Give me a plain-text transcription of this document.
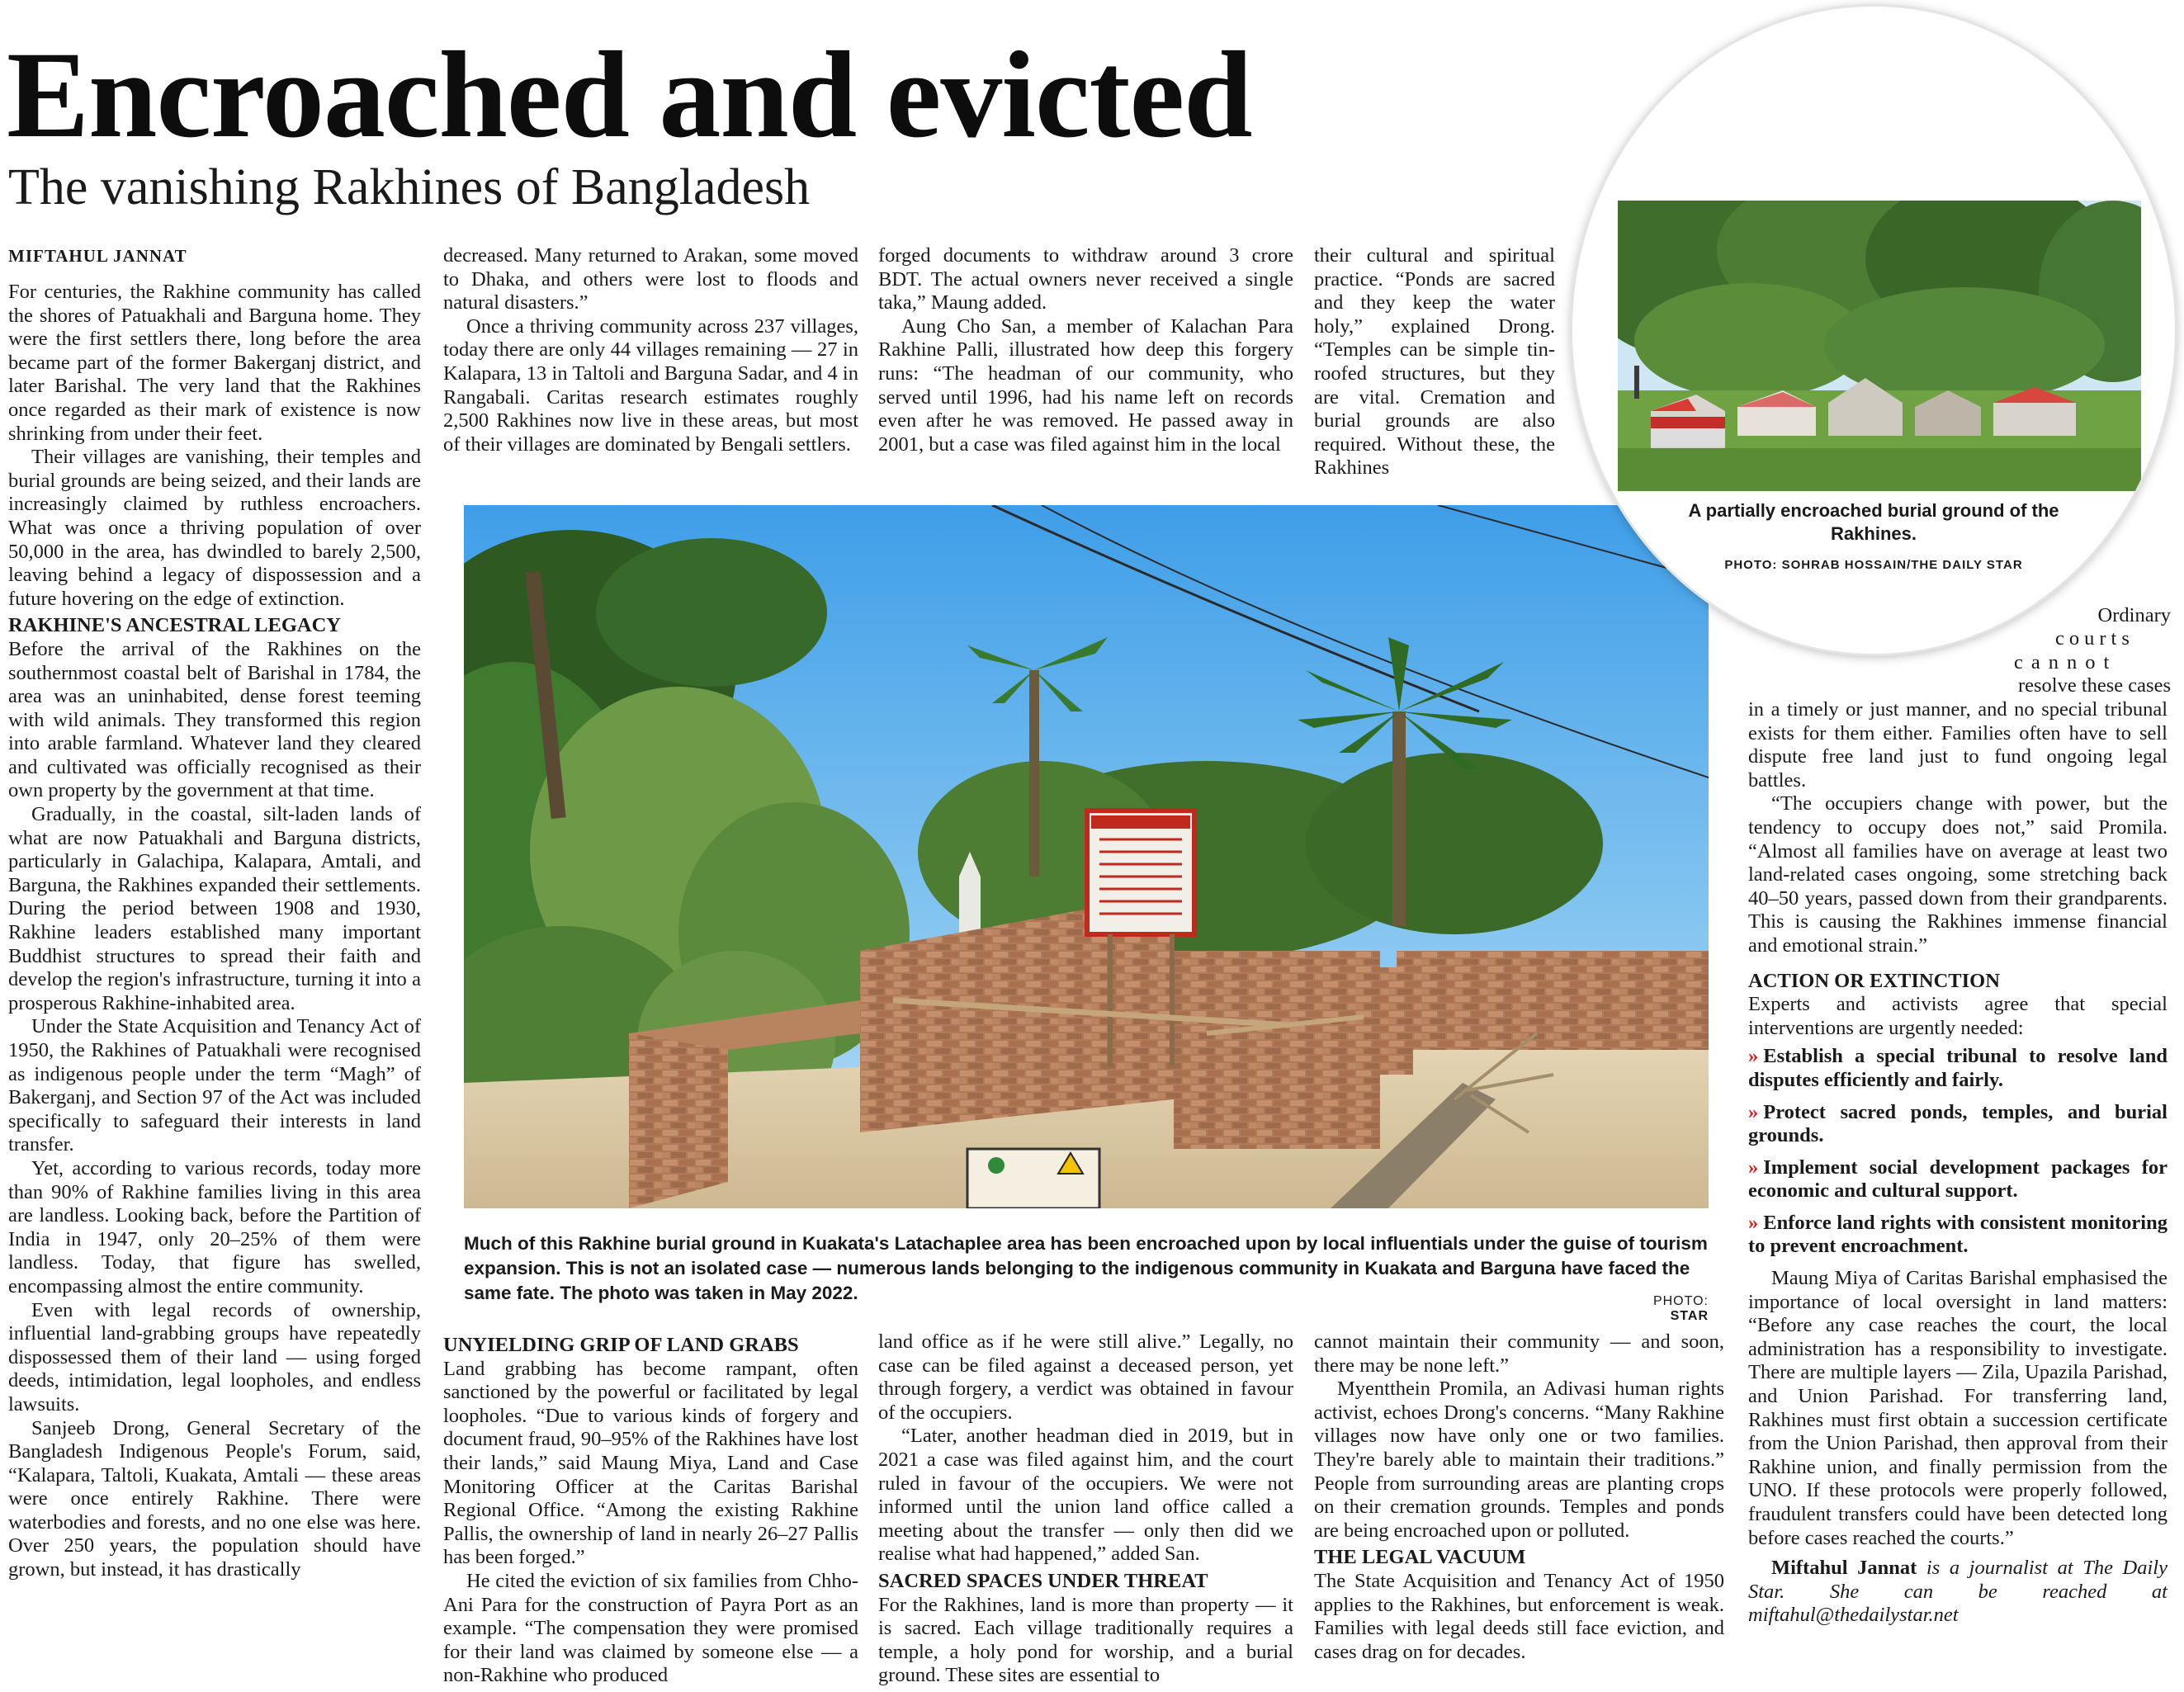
Encroached and evicted
The vanishing Rakhines of Bangladesh
MIFTAHUL JANNAT

For centuries, the Rakhine community has called the shores of Patuakhali and Barguna home. They were the first settlers there, long before the area became part of the former Bakerganj district, and later Barishal. The very land that the Rakhines once regarded as their mark of existence is now shrinking from under their feet.

Their villages are vanishing, their temples and burial grounds are being seized, and their lands are increasingly claimed by ruthless encroachers. What was once a thriving population of over 50,000 in the area, has dwindled to barely 2,500, leaving behind a legacy of dispossession and a future hovering on the edge of extinction.

RAKHINE'S ANCESTRAL LEGACY

Before the arrival of the Rakhines on the southernmost coastal belt of Barishal in 1784, the area was an uninhabited, dense forest teeming with wild animals. They transformed this region into arable farmland. Whatever land they cleared and cultivated was officially recognised as their own property by the government at that time.

Gradually, in the coastal, silt-laden lands of what are now Patuakhali and Barguna districts, particularly in Galachipa, Kalapara, Amtali, and Barguna, the Rakhines expanded their settlements. During the period between 1908 and 1930, Rakhine leaders established many important Buddhist structures to spread their faith and develop the region's infrastructure, turning it into a prosperous Rakhine-inhabited area.

Under the State Acquisition and Tenancy Act of 1950, the Rakhines of Patuakhali were recognised as indigenous people under the term “Magh” of Bakerganj, and Section 97 of the Act was included specifically to safeguard their interests in land transfer.

Yet, according to various records, today more than 90% of Rakhine families living in this area are landless. Looking back, before the Partition of India in 1947, only 20–25% of them were landless. Today, that figure has swelled, encompassing almost the entire community.

Even with legal records of ownership, influential land-grabbing groups have repeatedly dispossessed them of their land — using forged deeds, intimidation, legal loopholes, and endless lawsuits.

Sanjeeb Drong, General Secretary of the Bangladesh Indigenous People's Forum, said, “Kalapara, Taltoli, Kuakata, Amtali — these areas were once entirely Rakhine. There were waterbodies and forests, and no one else was here. Over 250 years, the population should have grown, but instead, it has drastically

decreased. Many returned to Arakan, some moved to Dhaka, and others were lost to floods and natural disasters.”

Once a thriving community across 237 villages, today there are only 44 villages remaining — 27 in Kalapara, 13 in Taltoli and Barguna Sadar, and 4 in Rangabali. Caritas research estimates roughly 2,500 Rakhines now live in these areas, but most of their villages are dominated by Bengali settlers.

forged documents to withdraw around 3 crore BDT. The actual owners never received a single taka,” Maung added.

Aung Cho San, a member of Kalachan Para Rakhine Palli, illustrated how deep this forgery runs: “The headman of our community, who served until 1996, had his name left on records even after he was removed. He passed away in 2001, but a case was filed against him in the local

their cultural and spiritual practice. “Ponds are sacred and they keep the water holy,” explained Drong. “Temples can be simple tin-roofed structures, but they are vital. Cremation and burial grounds are also required. Without these, the Rakhines

Much of this Rakhine burial ground in Kuakata's Latachaplee area has been encroached upon by local influentials under the guise of tourism expansion. This is not an isolated case — numerous lands belonging to the indigenous community in Kuakata and Barguna have faced the same fate. The photo was taken in May 2022.	PHOTO: STAR
UNYIELDING GRIP OF LAND GRABS

Land grabbing has become rampant, often sanctioned by the powerful or facilitated by legal loopholes. “Due to various kinds of forgery and document fraud, 90–95% of the Rakhines have lost their lands,” said Maung Miya, Land and Case Monitoring Officer at the Caritas Barishal Regional Office. “Among the existing Rakhine Pallis, the ownership of land in nearly 26–27 Pallis has been forged.”

He cited the eviction of six families from Chho-Ani Para for the construction of Payra Port as an example. “The compensation they were promised for their land was claimed by someone else — a non-Rakhine who produced

land office as if he were still alive.” Legally, no case can be filed against a deceased person, yet through forgery, a verdict was obtained in favour of the occupiers.

“Later, another headman died in 2019, but in 2021 a case was filed against him, and the court ruled in favour of the occupiers. We were not informed until the union land office called a meeting about the transfer — only then did we realise what had happened,” added San.

SACRED SPACES UNDER THREAT

For the Rakhines, land is more than property — it is sacred. Each village traditionally requires a temple, a holy pond for worship, and a burial ground. These sites are essential to

cannot maintain their community — and soon, there may be none left.”

Myentthein Promila, an Adivasi human rights activist, echoes Drong's concerns. “Many Rakhine villages now have only one or two families. They're barely able to maintain their traditions.” People from surrounding areas are planting crops on their cremation grounds. Temples and ponds are being encroached upon or polluted.

THE LEGAL VACUUM

The State Acquisition and Tenancy Act of 1950 applies to the Rakhines, but enforcement is weak. Families with legal deeds still face eviction, and cases drag on for decades.

Ordinary
courts
cannot
resolve these cases

in a timely or just manner, and no special tribunal exists for them either. Families often have to sell dispute free land just to fund ongoing legal battles.

“The occupiers change with power, but the tendency to occupy does not,” said Promila. “Almost all families have on average at least two land-related cases ongoing, some stretching back 40–50 years, passed down from their grandparents. This is causing the Rakhines immense financial and emotional strain.”

ACTION OR EXTINCTION

Experts and activists agree that special interventions are urgently needed:

» Establish a special tribunal to resolve land disputes efficiently and fairly.
» Protect sacred ponds, temples, and burial grounds.
» Implement social development packages for economic and cultural support.
» Enforce land rights with consistent monitoring to prevent encroachment.

Maung Miya of Caritas Barishal emphasised the importance of local oversight in land matters: “Before any case reaches the court, the local administration has a responsibility to investigate. There are multiple layers — Zila, Upazila Parishad, and Union Parishad. For transferring land, Rakhines must first obtain a succession certificate from the Union Parishad, then approval from their Rakhine union, and finally permission from the UNO. If these protocols were properly followed, fraudulent transfers could have been detected long before cases reached the courts.”

Miftahul Jannat is a journalist at The Daily Star. She can be reached at miftahul@thedailystar.net

A partially encroached burial ground of the Rakhines.
PHOTO: SOHRAB HOSSAIN/THE DAILY STAR
